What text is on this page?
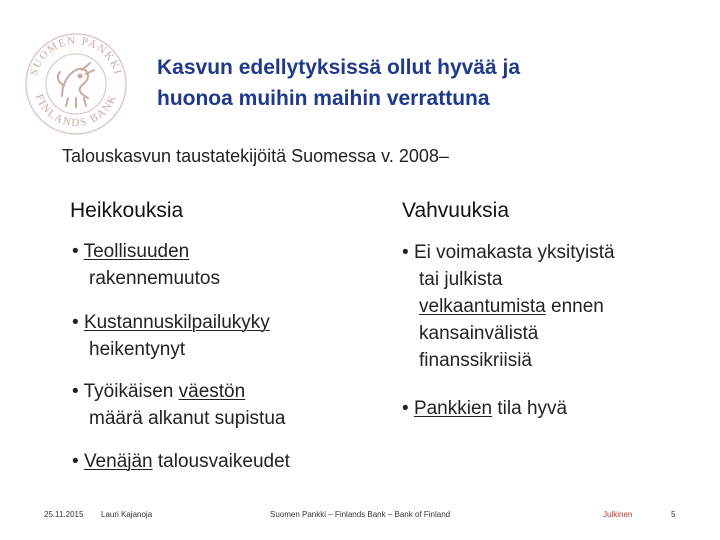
SUOMEN PANKKI
FINLANDS BANK
Kasvun edellytyksissä ollut hyvää ja
huonoa muihin maihin verrattuna
Talouskasvun taustatekijöitä Suomessa v. 2008–
Heikkouksia
• Teollisuuden
rakennemuutos
• Kustannuskilpailukyky
heikentynyt
• Työikäisen väestön
määrä alkanut supistua
• Venäjän talousvaikeudet
Vahvuuksia
• Ei voimakasta yksityistä
tai julkista
velkaantumista ennen
kansainvälistä
finanssikriisiä
• Pankkien tila hyvä
25.11.2015 Lauri Kajanoja	Suomen Pankki – Finlands Bank – Bank of Finland	Julkinen	5
